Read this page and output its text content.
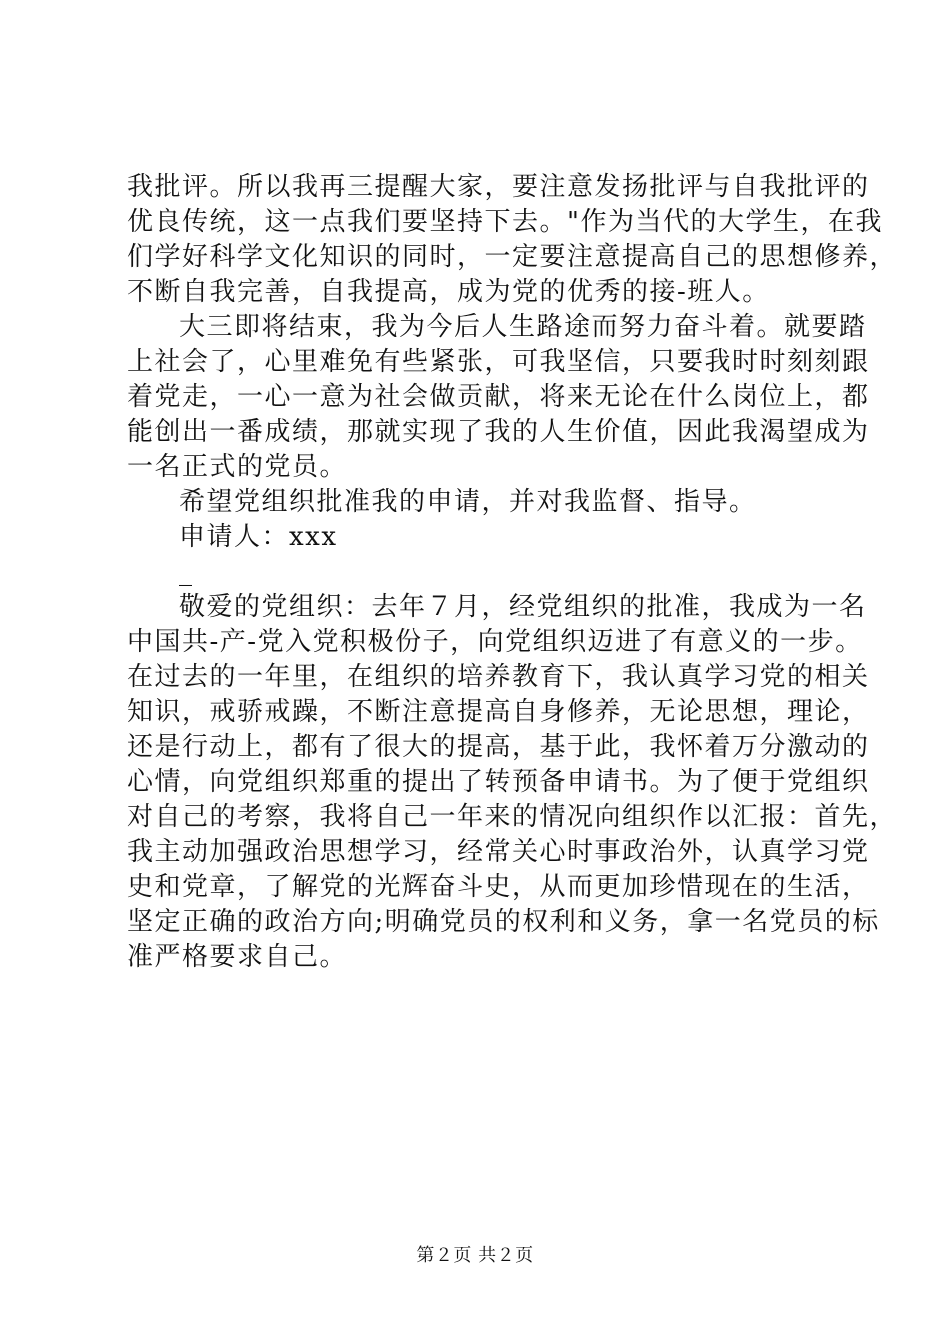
我批评。所以我再三提醒大家，要注意发扬批评与自我批评的
优良传统，这一点我们要坚持下去。"作为当代的大学生，在我
们学好科学文化知识的同时，一定要注意提高自己的思想修养，
不断自我完善，自我提高，成为党的优秀的接-班人。
大三即将结束，我为今后人生路途而努力奋斗着。就要踏
上社会了，心里难免有些紧张，可我坚信，只要我时时刻刻跟
着党走，一心一意为社会做贡献，将来无论在什么岗位上，都
能创出一番成绩，那就实现了我的人生价值，因此我渴望成为
一名正式的党员。
希望党组织批准我的申请，并对我监督、指导。
申请人：xxx
_
敬爱的党组织：去年７月，经党组织的批准，我成为一名
中国共-产-党入党积极份子，向党组织迈进了有意义的一步。
在过去的一年里，在组织的培养教育下，我认真学习党的相关
知识，戒骄戒躁，不断注意提高自身修养，无论思想，理论，
还是行动上，都有了很大的提高，基于此，我怀着万分激动的
心情，向党组织郑重的提出了转预备申请书。为了便于党组织
对自己的考察，我将自己一年来的情况向组织作以汇报：首先，
我主动加强政治思想学习，经常关心时事政治外，认真学习党
史和党章，了解党的光辉奋斗史，从而更加珍惜现在的生活，
坚定正确的政治方向;明确党员的权利和义务，拿一名党员的标
准严格要求自己。
第２页 共２页
